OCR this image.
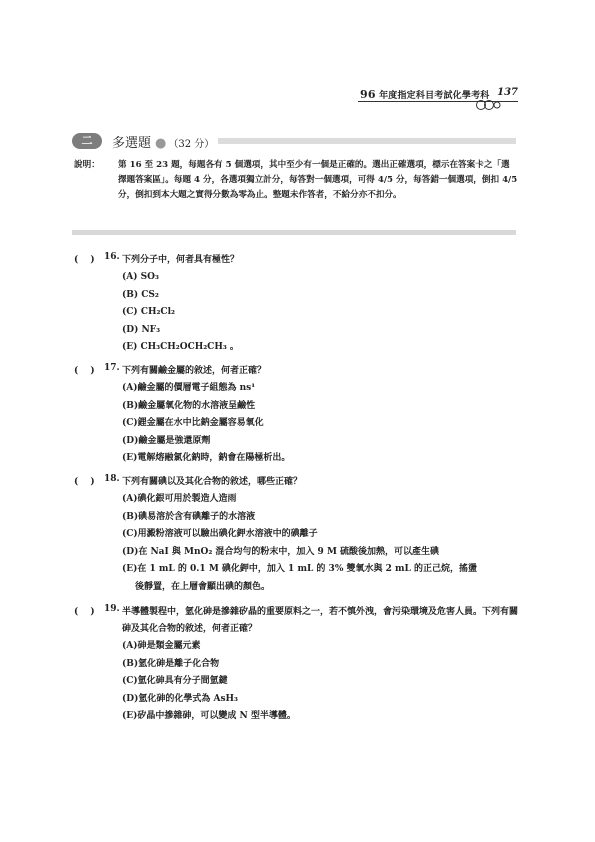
96 年度指定科目考試化學考科 137
二	多選題 ● （32 分）
說明： 第 16 至 23 題，每題各有 5 個選項，其中至少有一個是正確的。選出正確選項，標示在答案卡之「選擇題答案區」。每題 4 分，各選項獨立計分，每答對一個選項，可得 4/5 分，每答錯一個選項，倒扣 4/5 分，倒扣到本大題之實得分數為零為止。整題未作答者，不給分亦不扣分。
(　 ) 16. 下列分子中，何者具有極性？
(A) SO₃
(B) CS₂
(C) CH₂Cl₂
(D) NF₃
(E) CH₃CH₂OCH₂CH₃ 。
(　 ) 17. 下列有關鹼金屬的敘述，何者正確？
(A)鹼金屬的價層電子組態為 ns¹
(B)鹼金屬氧化物的水溶液呈鹼性
(C)鋰金屬在水中比鈉金屬容易氧化
(D)鹼金屬是強還原劑
(E)電解熔融氯化鈉時，鈉會在陽極析出。
(　 ) 18. 下列有關碘以及其化合物的敘述，哪些正確？
(A)碘化銀可用於製造人造雨
(B)碘易溶於含有碘離子的水溶液
(C)用澱粉溶液可以驗出碘化鉀水溶液中的碘離子
(D)在 NaI 與 MnO₂ 混合均勻的粉末中，加入 9 M 硫酸後加熱，可以產生碘
(E)在 1 mL 的 0.1 M 碘化鉀中，加入 1 mL 的 3% 雙氧水與 2 mL 的正己烷，搖盪
後靜置，在上層會顯出碘的顏色。
(　 ) 19. 半導體製程中，氫化砷是摻雜矽晶的重要原料之一，若不慎外洩，會污染環境及危害人員。下列有關砷及其化合物的敘述，何者正確？
(A)砷是類金屬元素
(B)氫化砷是離子化合物
(C)氫化砷具有分子間氫鍵
(D)氫化砷的化學式為 AsH₃
(E)矽晶中摻雜砷，可以變成 N 型半導體。
